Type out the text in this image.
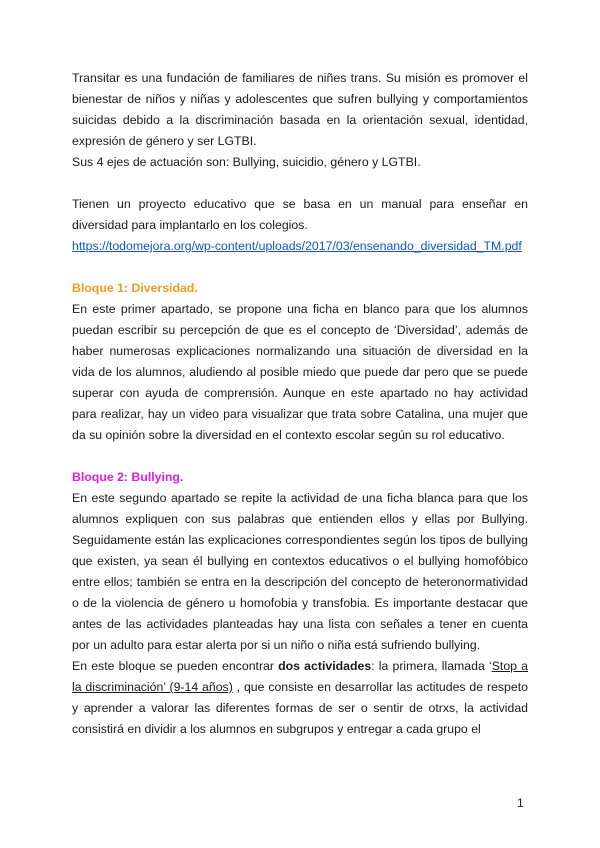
Transitar es una fundación de familiares de niñes trans. Su misión es promover el bienestar de niños y niñas y adolescentes que sufren bullying y comportamientos suicidas debido a la discriminación basada en la orientación sexual, identidad, expresión de género y ser LGTBI.

Sus 4 ejes de actuación son: Bullying, suicidio, género y LGTBI.

Tienen un proyecto educativo que se basa en un manual para enseñar en diversidad para implantarlo en los colegios.

https://todomejora.org/wp-content/uploads/2017/03/ensenando_diversidad_TM.pdf

Bloque 1: Diversidad.

En este primer apartado, se propone una ficha en blanco para que los alumnos puedan escribir su percepción de que es el concepto de ‘Diversidad’, además de haber numerosas explicaciones normalizando una situación de diversidad en la vida de los alumnos, aludiendo al posible miedo que puede dar pero que se puede superar con ayuda de comprensión. Aunque en este apartado no hay actividad para realizar, hay un video para visualizar que trata sobre Catalina, una mujer que da su opinión sobre la diversidad en el contexto escolar según su rol educativo.

Bloque 2: Bullying.

En este segundo apartado se repite la actividad de una ficha blanca para que los alumnos expliquen con sus palabras que entienden ellos y ellas por Bullying. Seguidamente están las explicaciones correspondientes según los tipos de bullying que existen, ya sean él bullying en contextos educativos o el bullying homofóbico entre ellos; también se entra en la descripción del concepto de heteronormatividad o de la violencia de género u homofobia y transfobia. Es importante destacar que antes de las actividades planteadas hay una lista con señales a tener en cuenta por un adulto para estar alerta por si un niño o niña está sufriendo bullying.

En este bloque se pueden encontrar dos actividades: la primera, llamada ‘Stop a la discriminación’ (9-14 años) , que consiste en desarrollar las actitudes de respeto y aprender a valorar las diferentes formas de ser o sentir de otrxs, la actividad consistirá en dividir a los alumnos en subgrupos y entregar a cada grupo el

1
